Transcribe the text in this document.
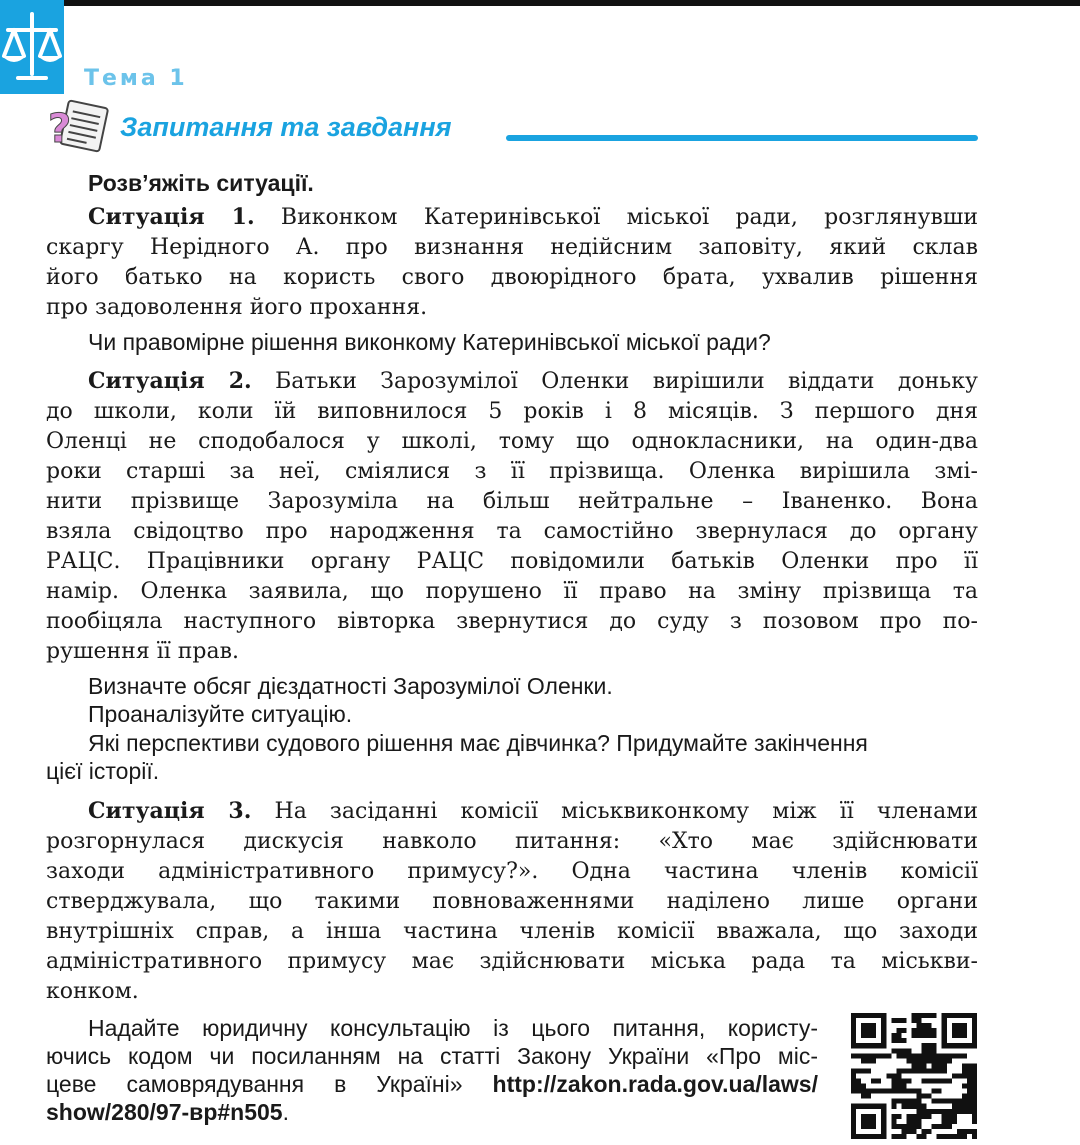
Тема 1
? Запитання та завдання
Розв’яжіть ситуації.
Ситуація 1. Виконком Катеринівської міської ради, розглянувши
скаргу Нерідного А. про визнання недійсним заповіту, який склав
його батько на користь свого двоюрідного брата, ухвалив рішення
про задоволення його прохання.
Чи правомірне рішення виконкому Катеринівської міської ради?
Ситуація 2. Батьки Зарозумілої Оленки вирішили віддати доньку
до школи, коли їй виповнилося 5 років і 8 місяців. З першого дня
Оленці не сподобалося у школі, тому що однокласники, на один-два
роки старші за неї, сміялися з її прізвища. Оленка вирішила змі-
нити прізвище Зарозуміла на більш нейтральне – Іваненко. Вона
взяла свідоцтво про народження та самостійно звернулася до органу
РАЦС. Працівники органу РАЦС повідомили батьків Оленки про її
намір. Оленка заявила, що порушено її право на зміну прізвища та
пообіцяла наступного вівторка звернутися до суду з позовом про по-
рушення її прав.
Визначте обсяг дієздатності Зарозумілої Оленки.
Проаналізуйте ситуацію.
Які перспективи судового рішення має дівчинка? Придумайте закінчення
цієї історії.
Ситуація 3. На засіданні комісії міськвиконкому між її членами
розгорнулася дискусія навколо питання: «Хто має здійснювати
заходи адміністративного примусу?». Одна частина членів комісії
стверджувала, що такими повноваженнями наділено лише органи
внутрішніх справ, а інша частина членів комісії вважала, що заходи
адміністративного примусу має здійснювати міська рада та міськви-
конком.
Надайте юридичну консультацію із цього питання, користу-
ючись кодом чи посиланням на статті Закону України «Про міс-
цеве самоврядування в Україні» http://zakon.rada.gov.ua/laws/
show/280/97-вр#n505.
